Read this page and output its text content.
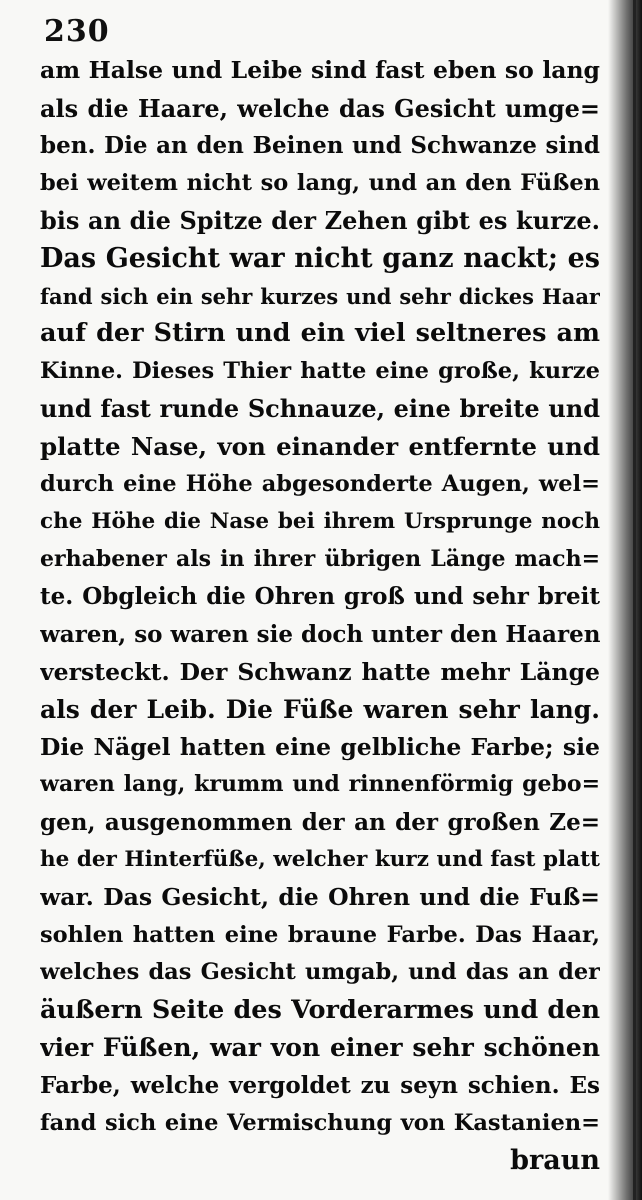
230
am Halse und Leibe sind fast eben so lang
als die Haare, welche das Gesicht umge=
ben. Die an den Beinen und Schwanze sind
bei weitem nicht so lang, und an den Füßen
bis an die Spitze der Zehen gibt es kurze.
Das Gesicht war nicht ganz nackt; es
fand sich ein sehr kurzes und sehr dickes Haar
auf der Stirn und ein viel seltneres am
Kinne. Dieses Thier hatte eine große, kurze
und fast runde Schnauze, eine breite und
platte Nase, von einander entfernte und
durch eine Höhe abgesonderte Augen, wel=
che Höhe die Nase bei ihrem Ursprunge noch
erhabener als in ihrer übrigen Länge mach=
te. Obgleich die Ohren groß und sehr breit
waren, so waren sie doch unter den Haaren
versteckt. Der Schwanz hatte mehr Länge
als der Leib. Die Füße waren sehr lang.
Die Nägel hatten eine gelbliche Farbe; sie
waren lang, krumm und rinnenförmig gebo=
gen, ausgenommen der an der großen Ze=
he der Hinterfüße, welcher kurz und fast platt
war. Das Gesicht, die Ohren und die Fuß=
sohlen hatten eine braune Farbe. Das Haar,
welches das Gesicht umgab, und das an der
äußern Seite des Vorderarmes und den
vier Füßen, war von einer sehr schönen
Farbe, welche vergoldet zu seyn schien. Es
fand sich eine Vermischung von Kastanien=
braun
